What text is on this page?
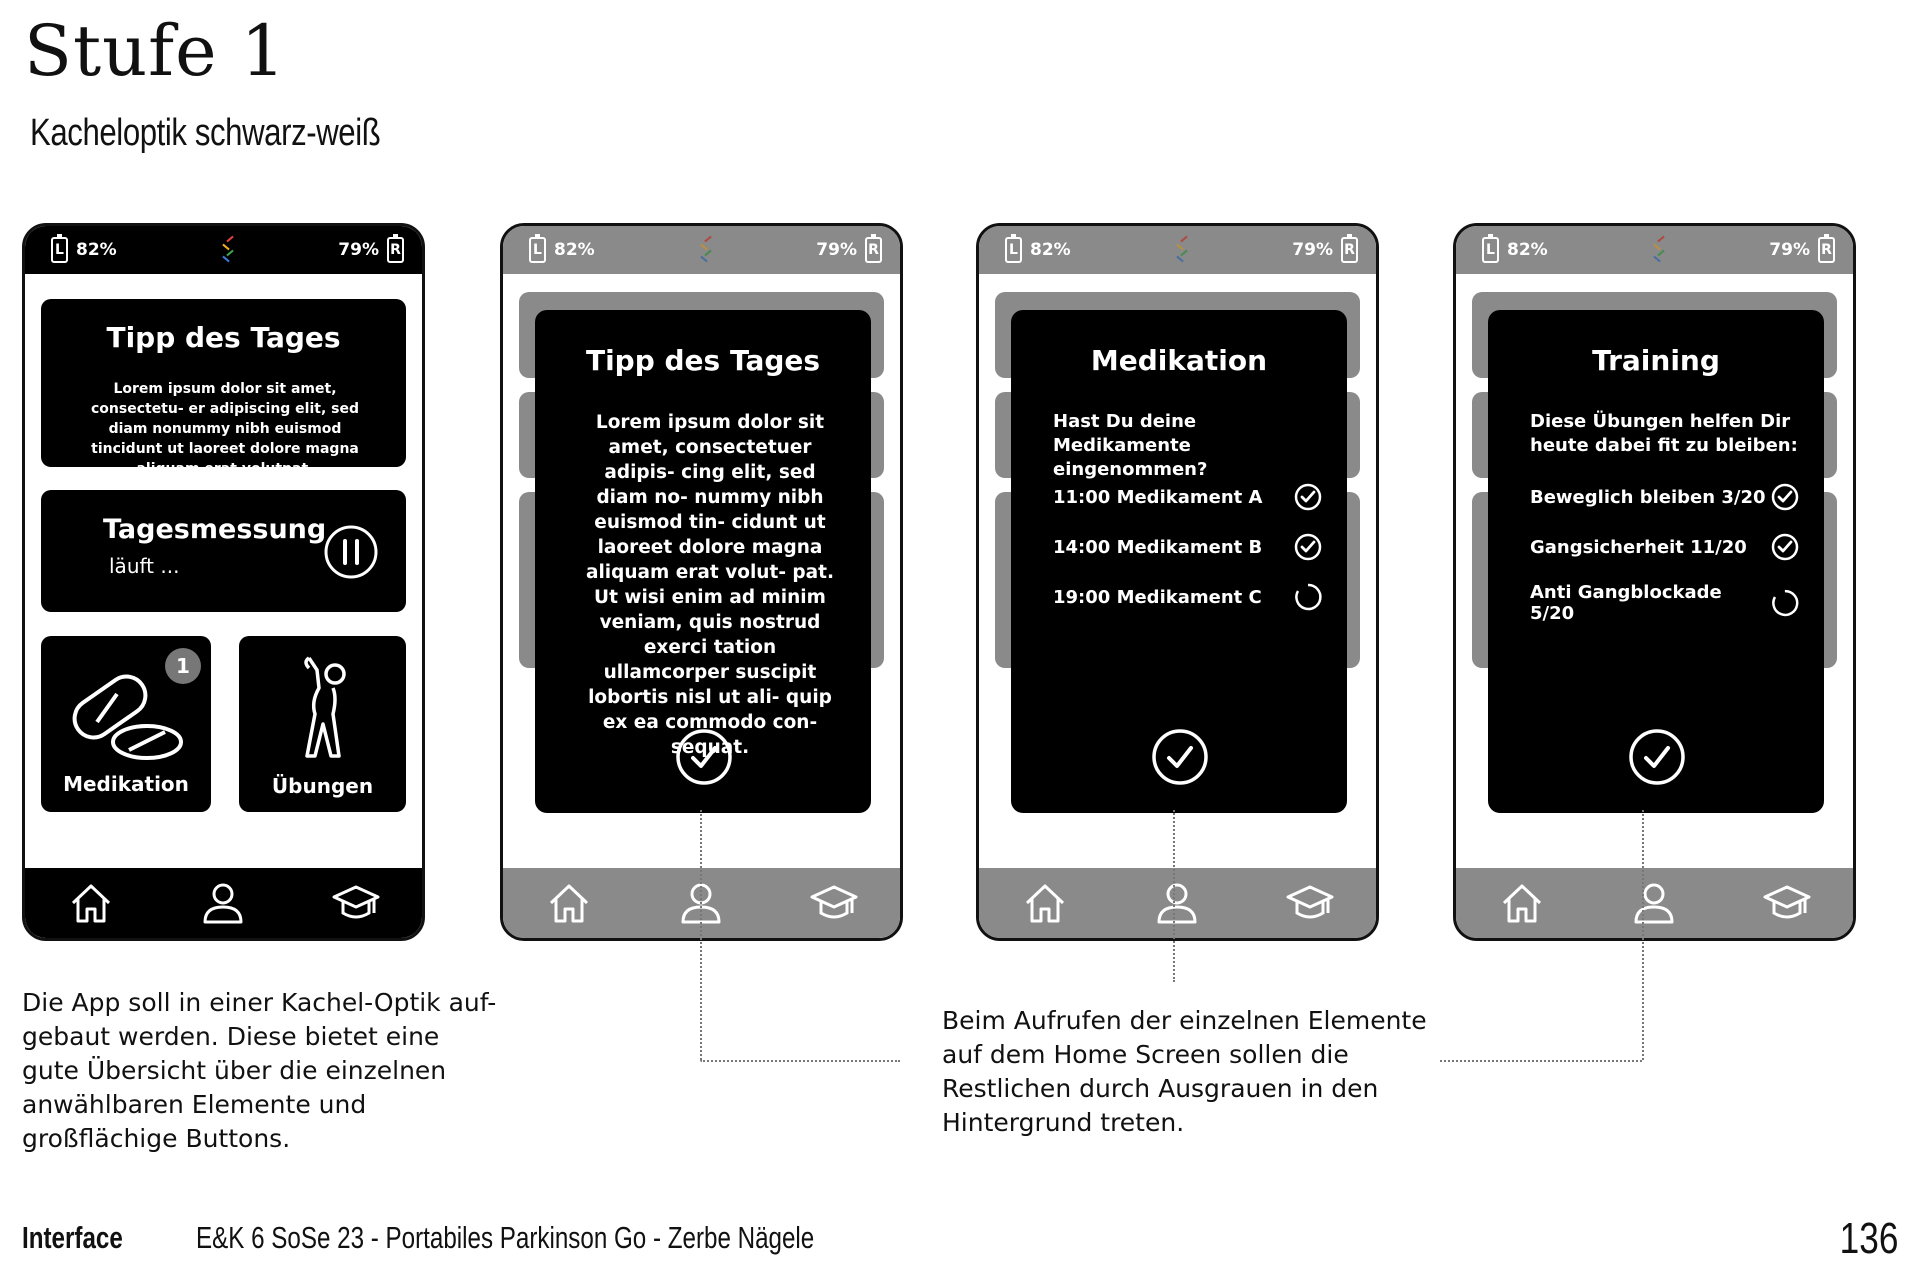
Stufe 1
Kacheloptik schwarz-weiß
L 82%	79% R
Tipp des Tages
Lorem ipsum dolor sit amet, consectetu- er adipiscing elit, sed diam nonummy nibh euismod tincidunt ut laoreet dolore magna aliquam erat volutpat.
Tagesmessung
läuft ...
1
Medikation	Übungen
L 82%	79% R
Tipp des Tages
Lorem ipsum dolor sit amet, consectetuer adipis- cing elit, sed diam no- nummy nibh euismod tin- cidunt ut laoreet dolore magna aliquam erat volut- pat. Ut wisi enim ad minim veniam, quis nostrud exerci tation ullamcorper suscipit lobortis nisl ut ali- quip ex ea commodo con- sequat.
L 82%	79% R
Medikation
Hast Du deine Medikamente eingenommen?
11:00 Medikament A
14:00 Medikament B
19:00 Medikament C
L 82%	79% R
Training
Diese Übungen helfen Dir heute dabei fit zu bleiben:
Beweglich bleiben 3/20
Gangsicherheit 11/20
Anti Gangblockade 5/20
Die App soll in einer Kachel-Optik auf- gebaut werden. Diese bietet eine gute Übersicht über die einzelnen anwählbaren Elemente und großflächige Buttons.
Beim Aufrufen der einzelnen Elemente auf dem Home Screen sollen die Restlichen durch Ausgrauen in den Hintergrund treten.
Interface E&K 6 SoSe 23 - Portabiles Parkinson Go - Zerbe Nägele	136
